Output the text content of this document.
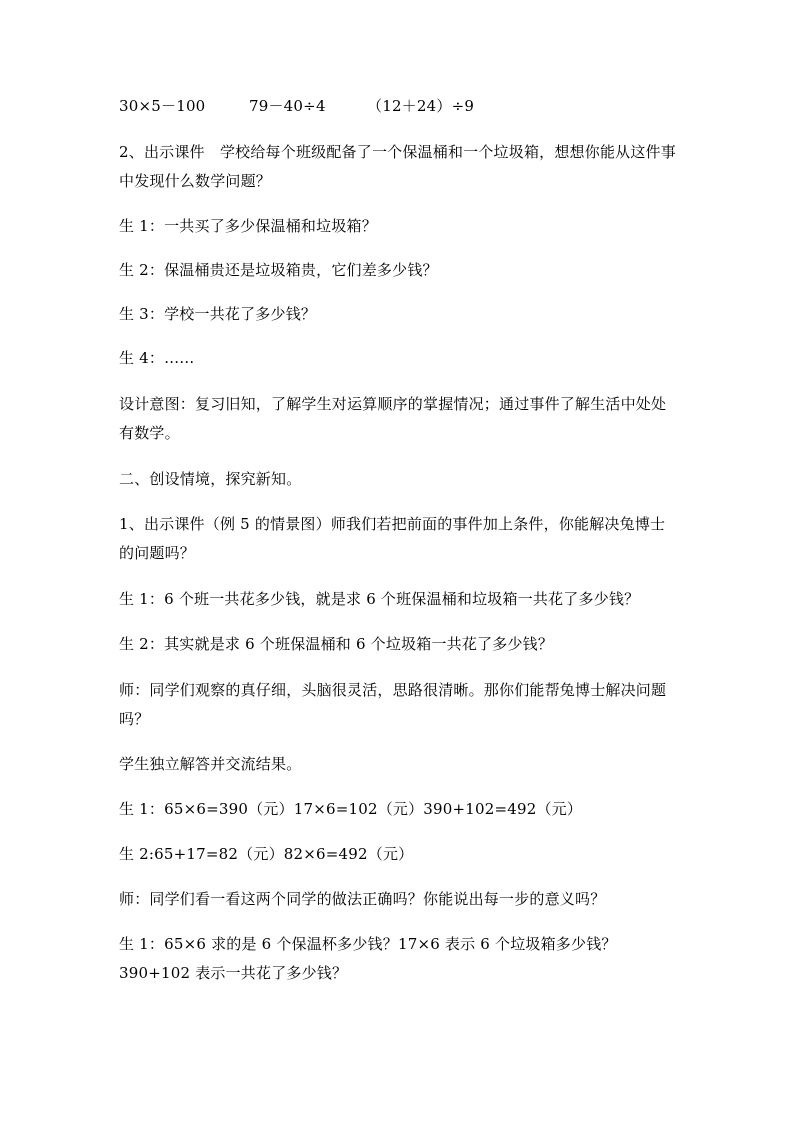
30×5－100	79－40÷4	（12＋24）÷9
2、出示课件　学校给每个班级配备了一个保温桶和一个垃圾箱，想想你能从这件事中发现什么数学问题？
生 1：一共买了多少保温桶和垃圾箱？
生 2：保温桶贵还是垃圾箱贵，它们差多少钱？
生 3：学校一共花了多少钱？
生 4：……
设计意图：复习旧知，了解学生对运算顺序的掌握情况；通过事件了解生活中处处有数学。
二、创设情境，探究新知。
1、出示课件（例 5 的情景图）师我们若把前面的事件加上条件，你能解决兔博士的问题吗？
生 1：6 个班一共花多少钱，就是求 6 个班保温桶和垃圾箱一共花了多少钱？
生 2：其实就是求 6 个班保温桶和 6 个垃圾箱一共花了多少钱？
师：同学们观察的真仔细，头脑很灵活，思路很清晰。那你们能帮兔博士解决问题吗？
学生独立解答并交流结果。
生 1：65×6=390（元）17×6=102（元）390+102=492（元）
生 2:65+17=82（元）82×6=492（元）
师：同学们看一看这两个同学的做法正确吗？你能说出每一步的意义吗？
生 1：65×6 求的是 6 个保温杯多少钱？17×6 表示 6 个垃圾箱多少钱？390+102 表示一共花了多少钱？
